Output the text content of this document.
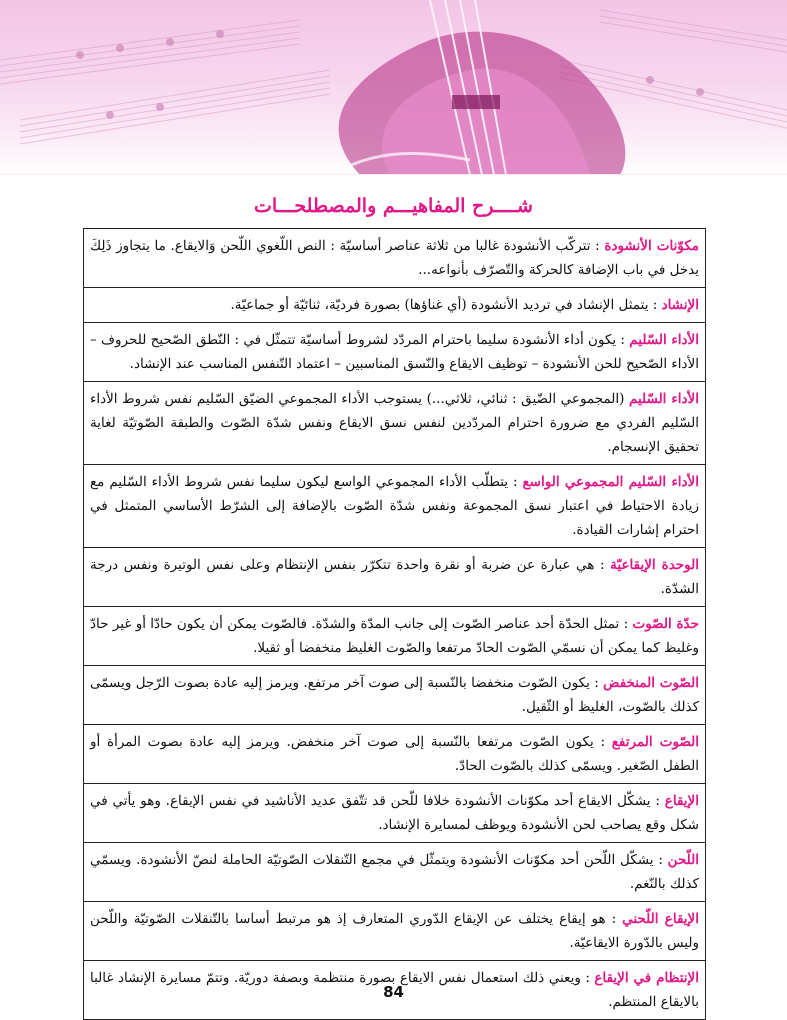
شــــرح المفاهيـــم والمصطلحـــات
مكوّنات الأنشودة : تتركّب الأنشودة غالبا من ثلاثة عناصر أساسيّة : النص اللّغوي اللّحن وَالايقاع. ما يتجاوز ذَلِكَ يدخل في باب الإضافة كالحركة والتّصرّف بأنواعه...
الإنشاد : يتمثل الإنشاد في ترديد الأنشودة (أي غناؤها) بصورة فرديّة، ثنائيّة أو جماعيّة.
الأداء السّليم : يكون أداء الأنشودة سليما باحترام المردّد لشروط أساسيّة تتمثّل في : النّطق الصّحيح للحروف – الأداء الصّحيح للحن الأنشودة – توظيف الايقاع والنّسق المناسبين – اعتماد التّنفس المناسب عند الإنشاد.
الأداء السّليم (المجموعي الضّيق : ثنائي، ثلاثي...) يستوجب الأداء المجموعي الضيّق السّليم نفس شروط الأداء السّليم الفردي مع ضرورة احترام المردّدين لنفس نسق الايقاع ونفس شدّة الصّوت والطبقة الصّوتيّة لغاية تحقيق الإنسجام.
الأداء السّليم المجموعي الواسع : يتطلّب الأداء المجموعي الواسع ليكون سليما نفس شروط الأداء السّليم مع زيادة الاحتياط في اعتبار نسق المجموعة ونفس شدّة الصّوت بالإضافة إلى الشرّط الأساسي المتمثل في احترام إشارات القيادة.
الوحدة الإيقاعيّة : هي عبارة عن ضربة أو نقرة واحدة تتكرّر بنفس الإنتظام وعلى نفس الوتيرة ونفس درجة الشدّة.
حدّة الصّوت : تمثل الحدّة أحد عناصر الصّوت إلى جانب المدّة والشدّة. فالصّوت يمكن أن يكون حادّا أو غير حادّ وغليظ كما يمكن أن نسمّي الصّوت الحادّ مرتفعا والصّوت الغليظ منخفضا أو ثقيلا.
الصّوت المنخفض : يكون الصّوت منخفضا بالنّسبة إلى صوت آخر مرتفع. ويرمز إليه عادة بصوت الرّجل ويسمّى كذلك بالصّوت، الغليظ أو الثّقيل.
الصّوت المرتفع : يكون الصّوت مرتفعا بالنّسبة إلى صوت آخر منخفض. ويرمز إليه عادة بصوت المرأة أو الطفل الصّغير. ويسمّى كذلك بالصّوت الحادّ.
الإيقاع : يشكّل الايقاع أحد مكوّنات الأنشودة خلافا للّحن قد تتّفق عديد الأناشيد في نفس الإيقاع. وهو يأتي في شكل وقع يصاحب لحن الأنشودة ويوظف لمسايرة الإنشاد.
اللّحن : يشكّل اللّحن أحد مكوّنات الأنشودة ويتمثّل في مجمع التّنقلات الصّوتيّة الحاملة لنصّ الأنشودة. ويسمّي كذلك بالنّغم.
الإيقاع اللّحني : هو إيقاع يختلف عن الإيقاع الدّوري المتعارف إذ هو مرتبط أساسا بالتّنقلات الصّوتيّة واللّحن وليس بالدّورة الايقاعيّة.
الإنتظام في الإيقاع : ويعني ذلك استعمال نفس الايقاع بصورة منتظمة وبصفة دوريّة. وتتمّ مسايرة الإنشاد غالبا بالايقاع المنتظم.
84
